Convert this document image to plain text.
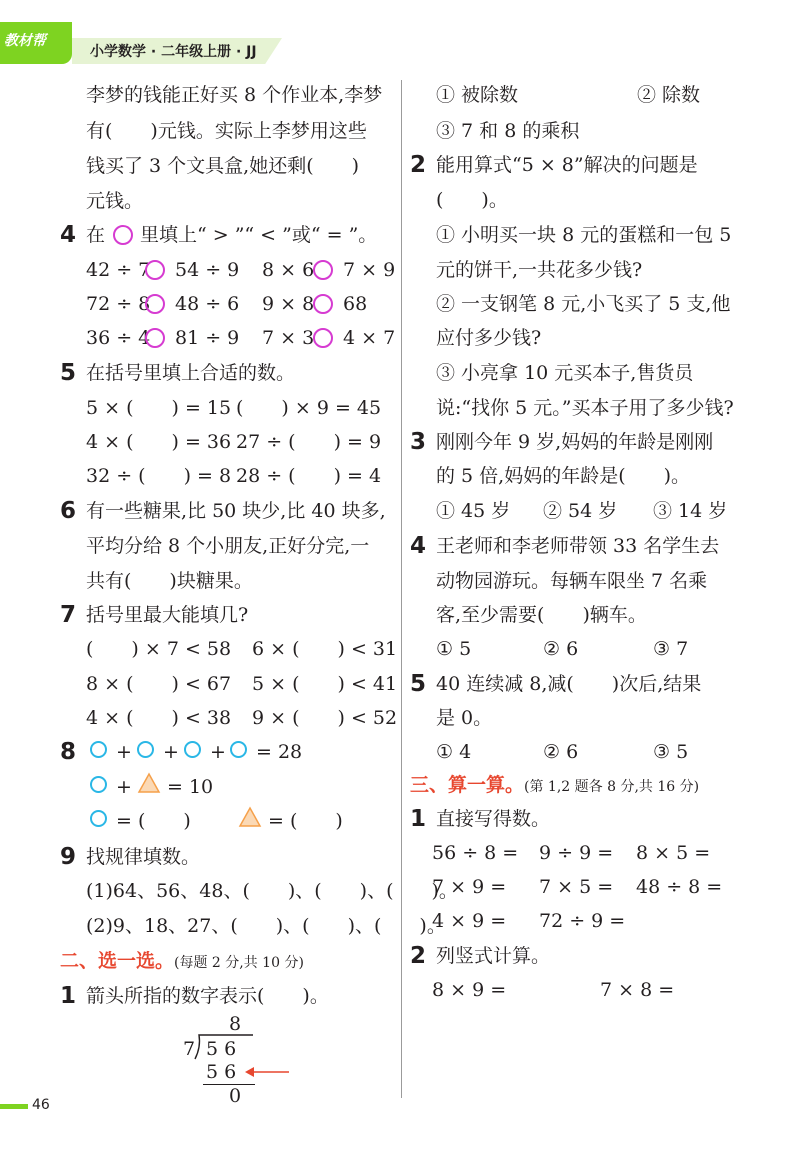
教材帮
小学数学 · 二年级上册 · JJ
李梦的钱能正好买 8 个作业本,李梦
有(　　)元钱。实际上李梦用这些
钱买了 3 个文具盒,她还剩(　　)
元钱。
4 在 里填上“ > ”“ < ”或“ = ”。
42 ÷ 7 54 ÷ 9 8 × 6 7 × 9
72 ÷ 8 48 ÷ 6 9 × 8 68
36 ÷ 4 81 ÷ 9 7 × 3 4 × 7
5 在括号里填上合适的数。
5 × (　　) = 15 (　　) × 9 = 45
4 × (　　) = 36 27 ÷ (　　) = 9
32 ÷ (　　) = 8 28 ÷ (　　) = 4
6 有一些糖果,比 50 块少,比 40 块多,
平均分给 8 个小朋友,正好分完,一
共有(　　)块糖果。
7 括号里最大能填几?
(　　) × 7 < 58 6 × (　　) < 31
8 × (　　) < 67 5 × (　　) < 41
4 × (　　) < 38 9 × (　　) < 52
8 + + + = 28
+ = 10
= (　　)	= (　　)
9 找规律填数。
(1)64、56、48、(　　)、(　　)、(　　)。
(2)9、18、27、(　　)、(　　)、(　　)。
二、选一选。(每题 2 分,共 10 分)
1 箭头所指的数字表示(　　)。
8
7 5 6
5 6
0
① 被除数	② 除数
③ 7 和 8 的乘积
2 能用算式“5 × 8”解决的问题是
(　　)。
① 小明买一块 8 元的蛋糕和一包 5
元的饼干,一共花多少钱?
② 一支钢笔 8 元,小飞买了 5 支,他
应付多少钱?
③ 小亮拿 10 元买本子,售货员
说:“找你 5 元。”买本子用了多少钱?
3 刚刚今年 9 岁,妈妈的年龄是刚刚
的 5 倍,妈妈的年龄是(　　)。
① 45 岁 ② 54 岁 ③ 14 岁
4 王老师和李老师带领 33 名学生去
动物园游玩。每辆车限坐 7 名乘
客,至少需要(　　)辆车。
① 5	② 6	③ 7
5 40 连续减 8,减(　　)次后,结果
是 0。
① 4	② 6	③ 5
三、算一算。(第 1,2 题各 8 分,共 16 分)
1 直接写得数。
56 ÷ 8 = 9 ÷ 9 = 8 × 5 =
7 × 9 = 7 × 5 = 48 ÷ 8 =
4 × 9 = 72 ÷ 9 =
2 列竖式计算。
8 × 9 =	7 × 8 =
46
